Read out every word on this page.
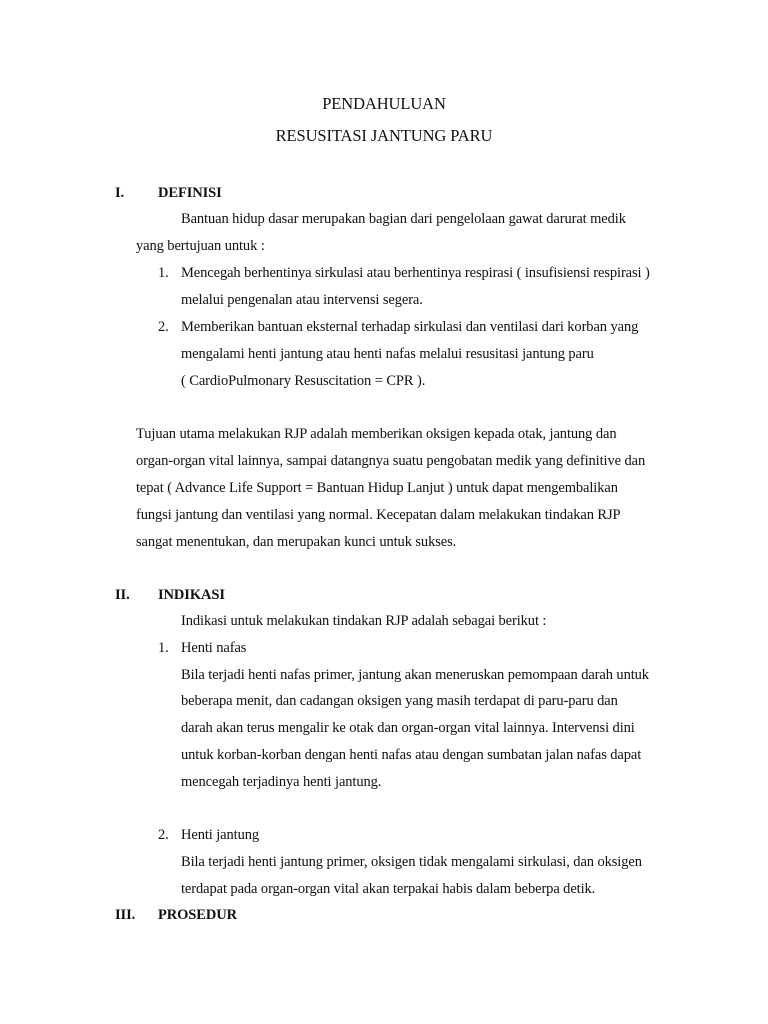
PENDAHULUAN
RESUSITASI JANTUNG PARU
I. DEFINISI
Bantuan hidup dasar merupakan bagian dari pengelolaan gawat darurat medik
yang bertujuan untuk :
1. Mencegah berhentinya sirkulasi atau berhentinya respirasi ( insufisiensi respirasi )
melalui pengenalan atau intervensi segera.
2. Memberikan bantuan eksternal terhadap sirkulasi dan ventilasi dari korban yang
mengalami henti jantung atau henti nafas melalui resusitasi jantung paru
( CardioPulmonary Resuscitation = CPR ).
Tujuan utama melakukan RJP adalah memberikan oksigen kepada otak, jantung dan
organ-organ vital lainnya, sampai datangnya suatu pengobatan medik yang definitive dan
tepat ( Advance Life Support = Bantuan Hidup Lanjut ) untuk dapat mengembalikan
fungsi jantung dan ventilasi yang normal. Kecepatan dalam melakukan tindakan RJP
sangat menentukan, dan merupakan kunci untuk sukses.
II. INDIKASI
Indikasi untuk melakukan tindakan RJP adalah sebagai berikut :
1. Henti nafas
Bila terjadi henti nafas primer, jantung akan meneruskan pemompaan darah untuk
beberapa menit, dan cadangan oksigen yang masih terdapat di paru-paru dan
darah akan terus mengalir ke otak dan organ-organ vital lainnya. Intervensi dini
untuk korban-korban dengan henti nafas atau dengan sumbatan jalan nafas dapat
mencegah terjadinya henti jantung.
2. Henti jantung
Bila terjadi henti jantung primer, oksigen tidak mengalami sirkulasi, dan oksigen
terdapat pada organ-organ vital akan terpakai habis dalam beberpa detik.
III. PROSEDUR
